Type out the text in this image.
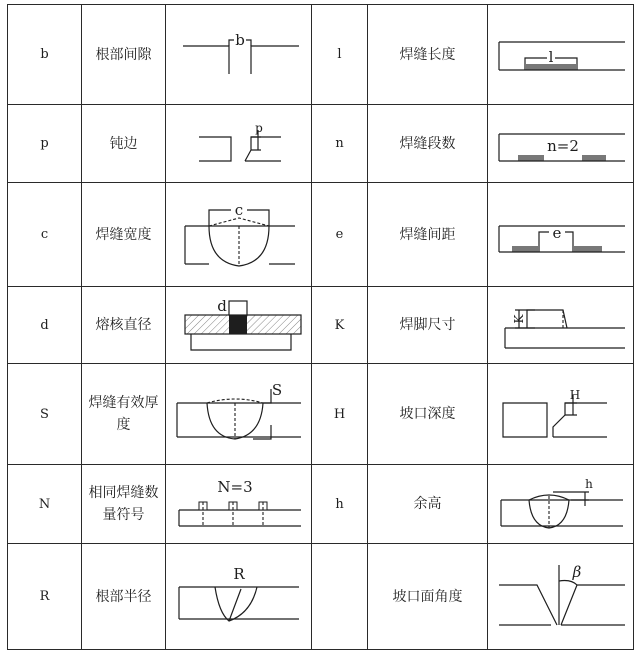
b	根部间隙	b	l	焊缝长度	l

p	钝边	p	n	焊缝段数	n=2

c	焊缝宽度	c	e	焊缝间距	e

d	熔核直径	d	K	焊脚尺寸	K

S	焊缝有效厚度	S	H	坡口深度	H

N	相同焊缝数量符号	N=3	h	余高	h

R	根部半径	R		坡口面角度	β
